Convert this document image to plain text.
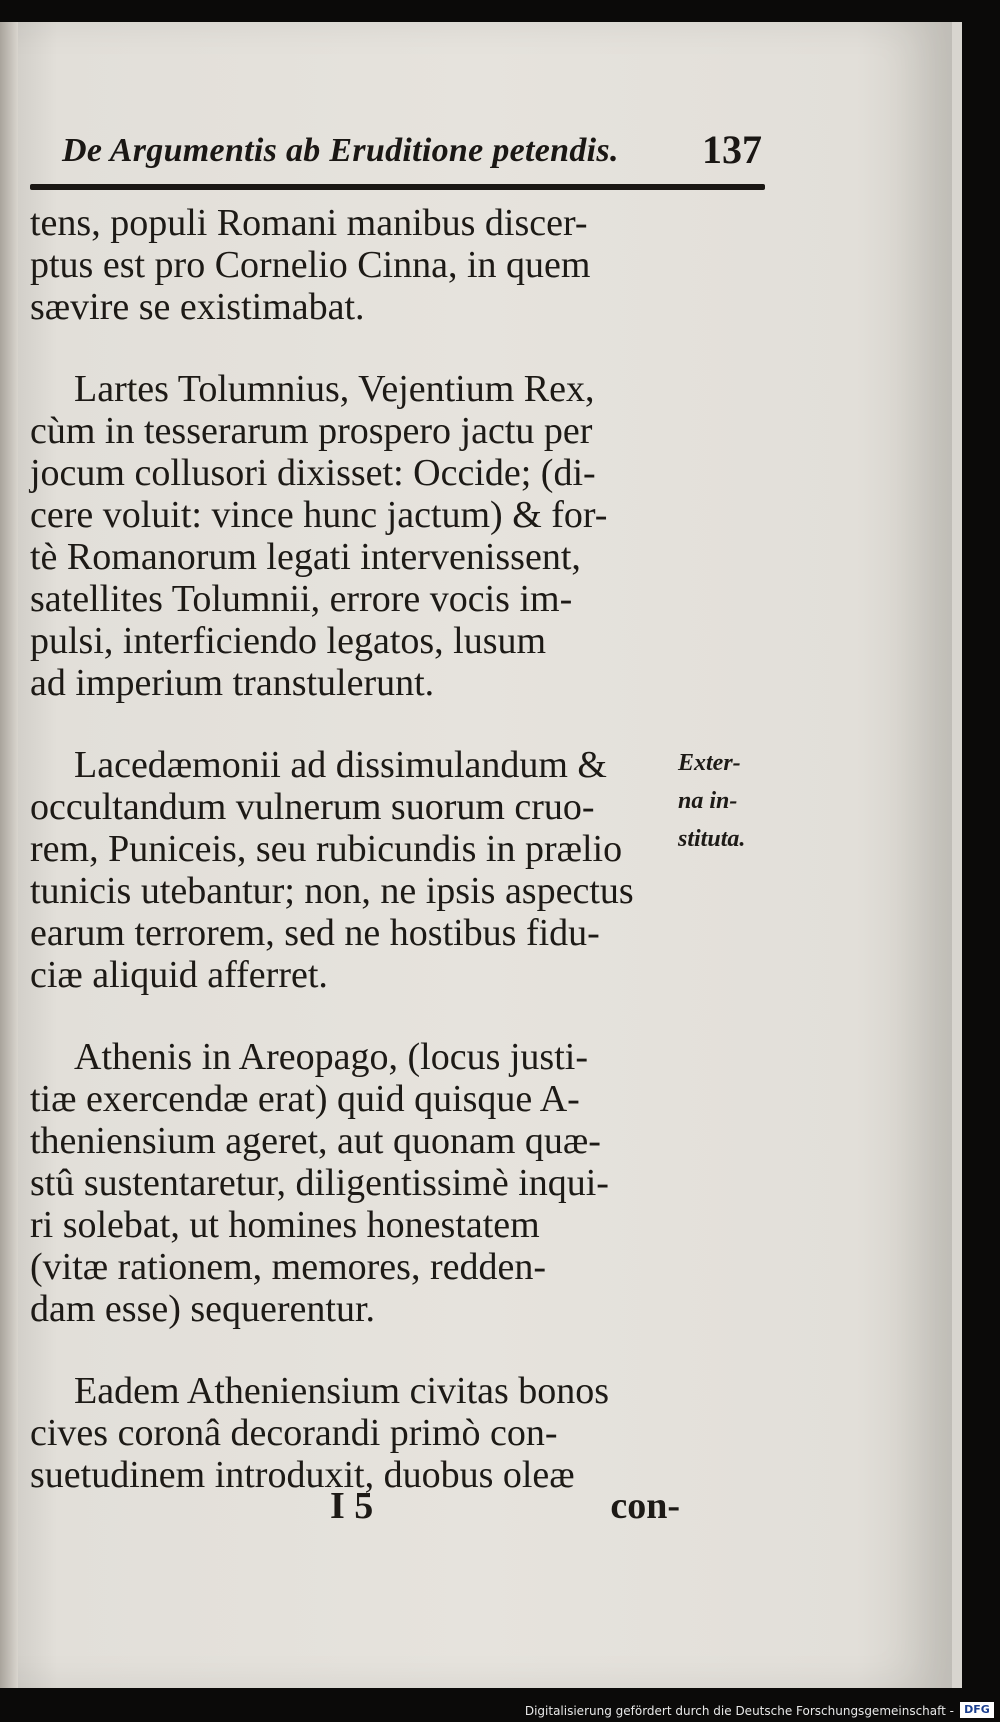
De Argumentis ab Eruditione petendis. 137

tens, populi Romani manibus discer-
ptus est pro Cornelio Cinna, in quem
sævire se existimabat.

Lartes Tolumnius, Vejentium Rex,
cùm in tesserarum prospero jactu per
jocum collusori dixisset: Occide; (di-
cere voluit: vince hunc jactum) & for-
tè Romanorum legati intervenissent,
satellites Tolumnii, errore vocis im-
pulsi, interficiendo legatos, lusum
ad imperium transtulerunt.

Lacedæmonii ad dissimulandum &
occultandum vulnerum suorum cruo-
rem, Puniceis, seu rubicundis in prælio
tunicis utebantur; non, ne ipsis aspectus
earum terrorem, sed ne hostibus fidu-
ciæ aliquid afferret.

Athenis in Areopago, (locus justi-
tiæ exercendæ erat) quid quisque A-
theniensium ageret, aut quonam quæ-
stû sustentaretur, diligentissimè inqui-
ri solebat, ut homines honestatem
(vitæ rationem, memores, redden-
dam esse) sequerentur.

Eadem Atheniensium civitas bonos
cives coronâ decorandi primò con-
suetudinem introduxit, duobus oleæ

Exter-
na in-
stituta.
I 5	con-
Digitalisierung gefördert durch die Deutsche Forschungsgemeinschaft - DFG
